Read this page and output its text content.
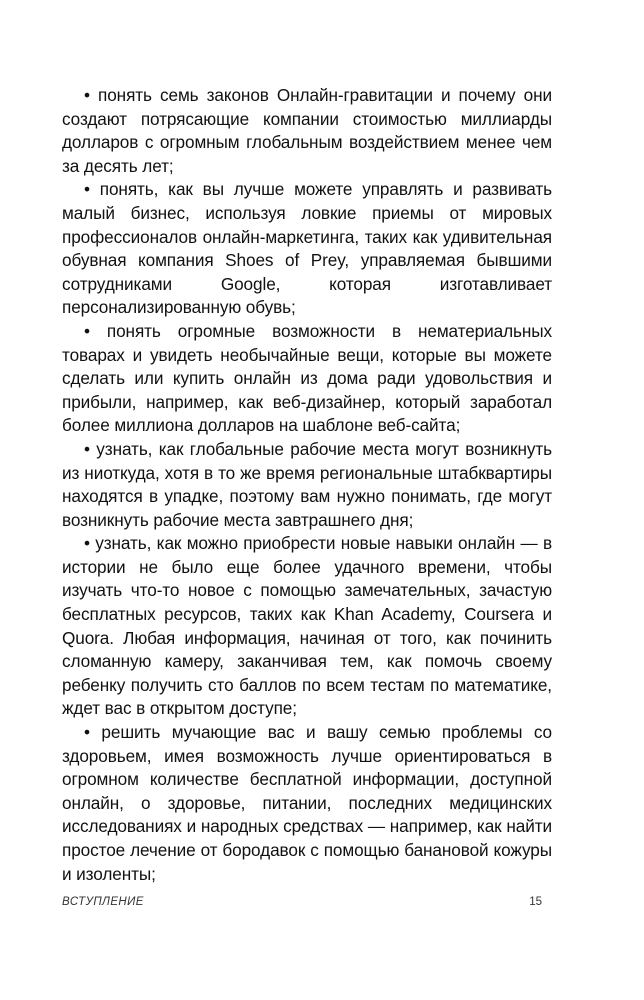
• понять семь законов Онлайн-гравитации и почему они создают потрясающие компании стоимостью миллиарды долларов с огромным глобальным воздействием менее чем за десять лет;

• понять, как вы лучше можете управлять и развивать малый бизнес, используя ловкие приемы от мировых профессионалов онлайн-маркетинга, таких как удивительная обувная компания Shoes of Prey, управляемая бывшими сотрудниками Google, которая изготавливает персонализированную обувь;

• понять огромные возможности в нематериальных товарах и увидеть необычайные вещи, которые вы можете сделать или купить онлайн из дома ради удовольствия и прибыли, например, как веб-дизайнер, который заработал более миллиона долларов на шаблоне веб-сайта;

• узнать, как глобальные рабочие места могут возникнуть из ниоткуда, хотя в то же время региональные штабквартиры находятся в упадке, поэтому вам нужно понимать, где могут возникнуть рабочие места завтрашнего дня;

• узнать, как можно приобрести новые навыки онлайн — в истории не было еще более удачного времени, чтобы изучать что-то новое с помощью замечательных, зачастую бесплатных ресурсов, таких как Khan Academy, Coursera и Quora. Любая информация, начиная от того, как починить сломанную камеру, заканчивая тем, как помочь своему ребенку получить сто баллов по всем тестам по математике, ждет вас в открытом доступе;

• решить мучающие вас и вашу семью проблемы со здоровьем, имея возможность лучше ориентироваться в огромном количестве бесплатной информации, доступной онлайн, о здоровье, питании, последних медицинских исследованиях и народных средствах — например, как найти простое лечение от бородавок с помощью банановой кожуры и изоленты;

ВСТУПЛЕНИЕ	15
